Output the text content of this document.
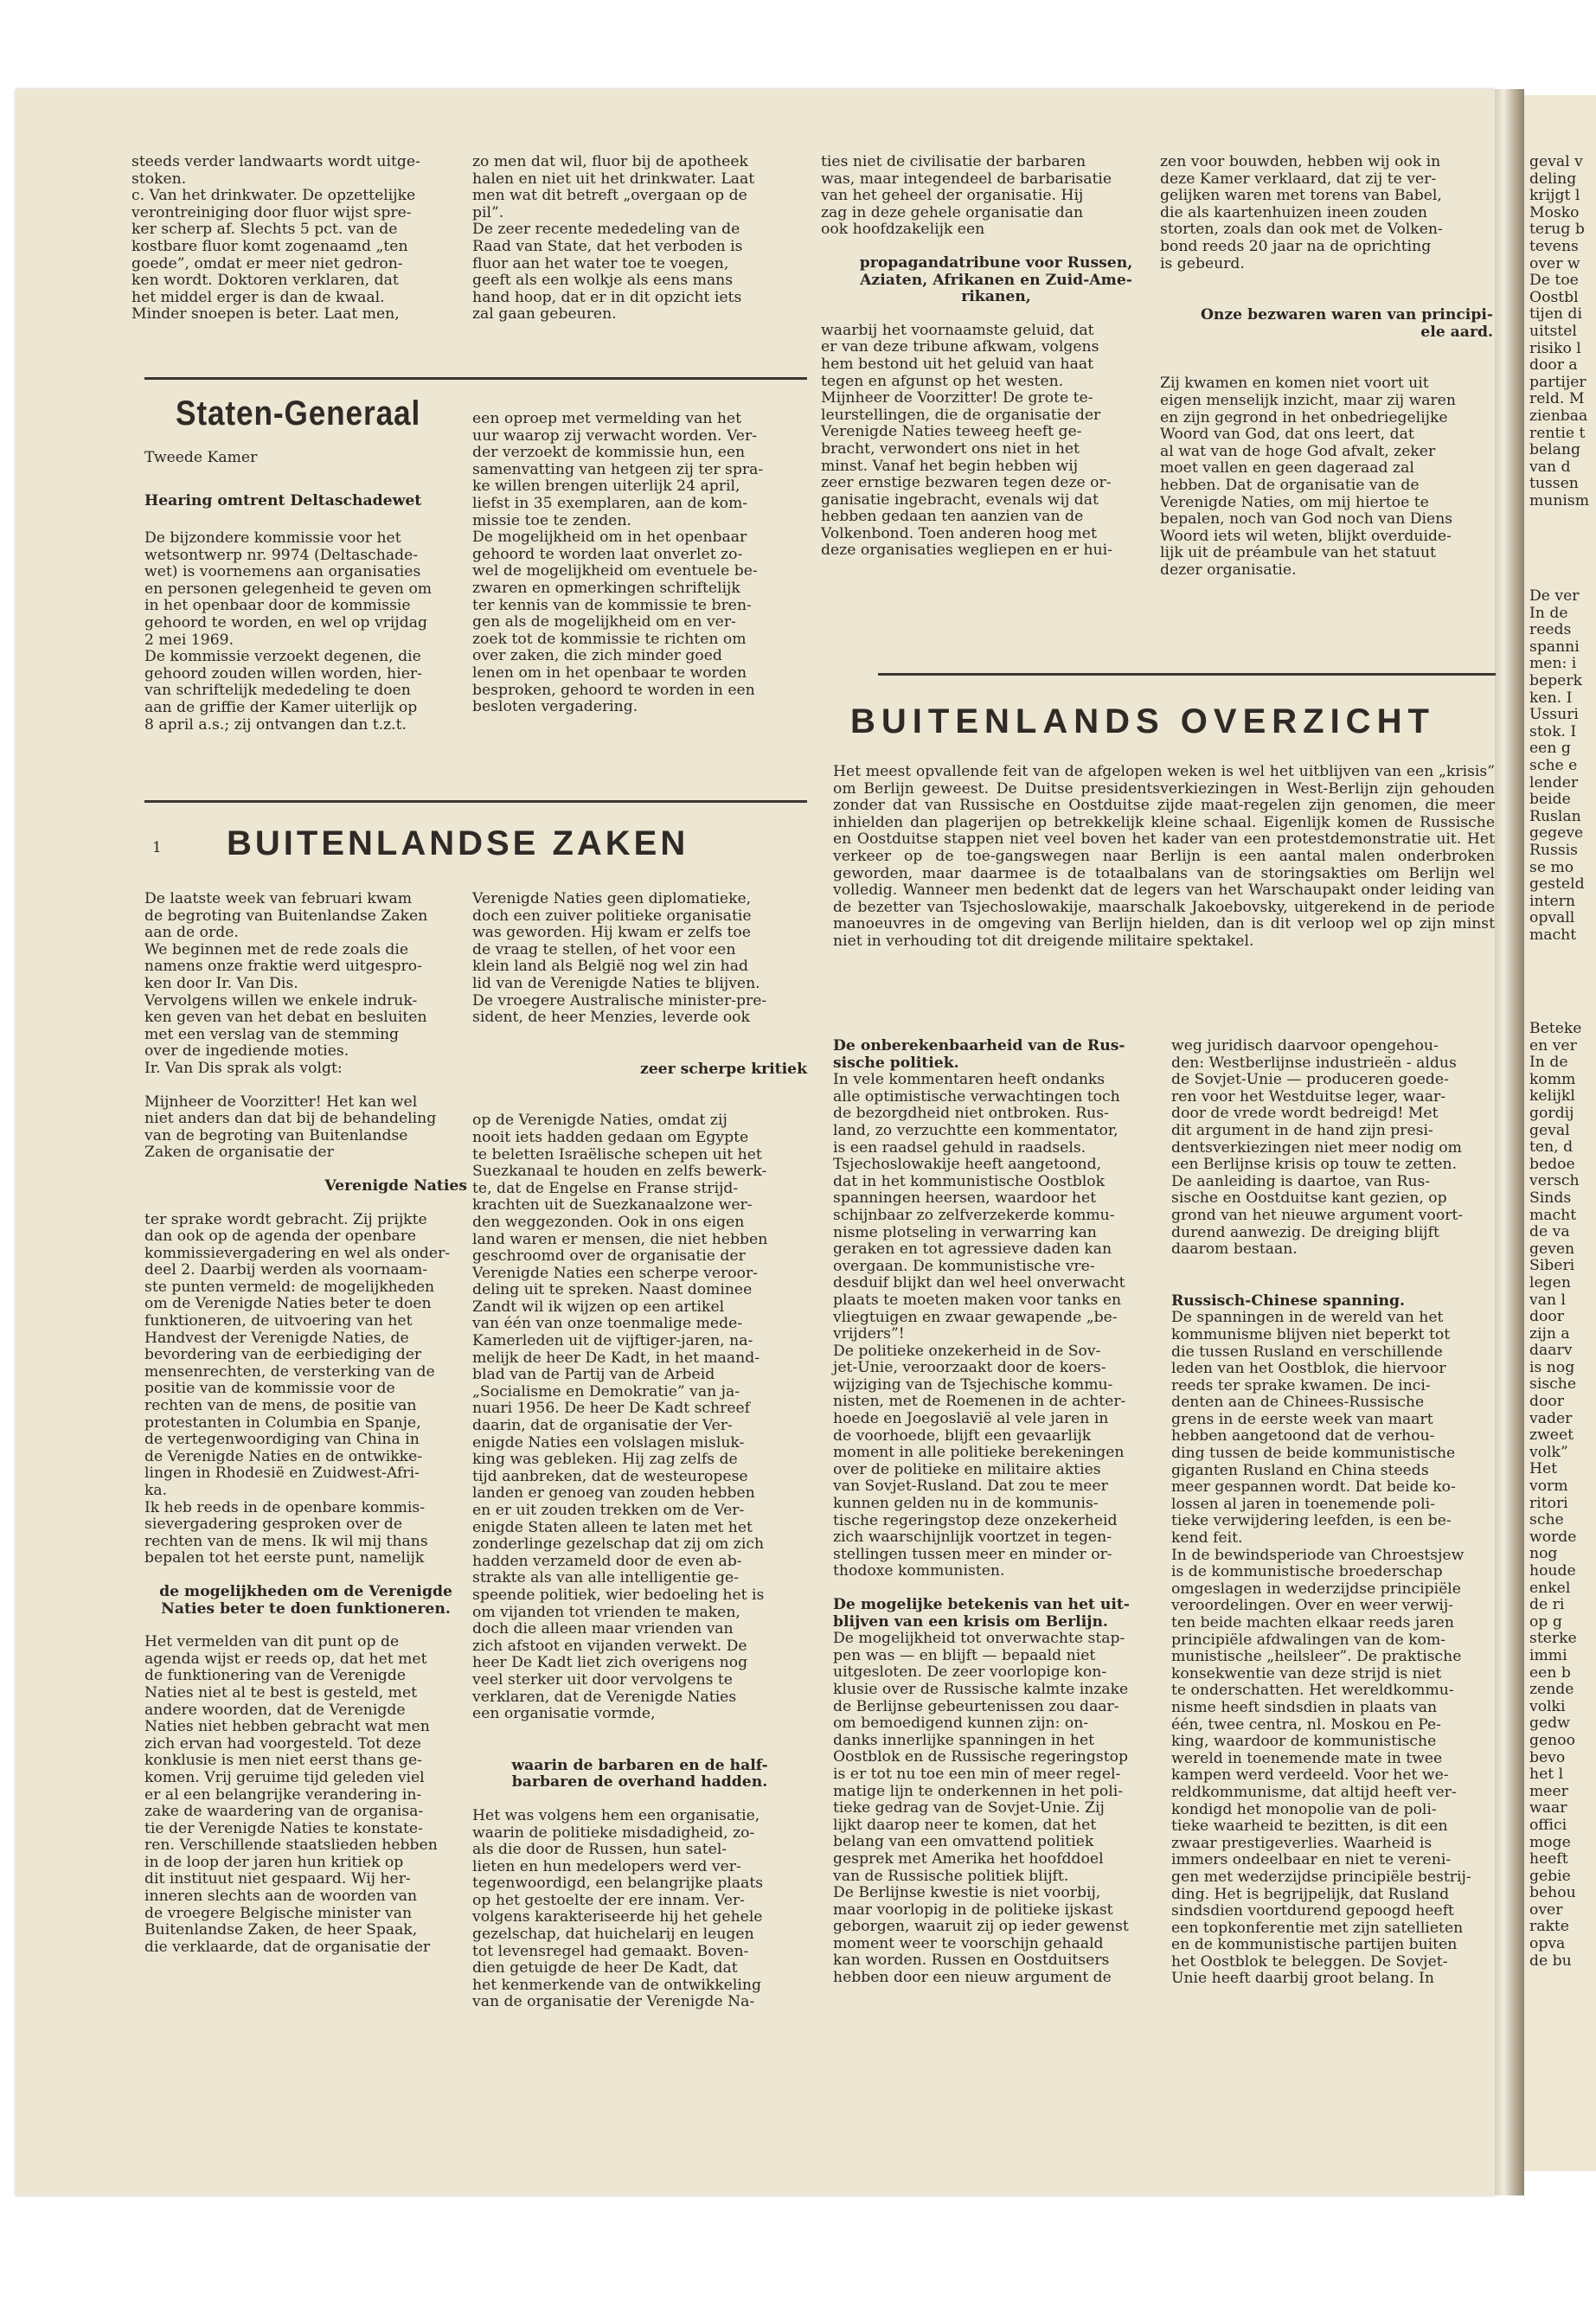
steeds verder landwaarts wordt uitge-
stoken.
c. Van het drinkwater. De opzettelijke
verontreiniging door fluor wijst spre-
ker scherp af. Slechts 5 pct. van de
kostbare fluor komt zogenaamd „ten
goede”, omdat er meer niet gedron-
ken wordt. Doktoren verklaren, dat
het middel erger is dan de kwaal.
Minder snoepen is beter. Laat men,
zo men dat wil, fluor bij de apotheek
halen en niet uit het drinkwater. Laat
men wat dit betreft „overgaan op de
pil”.
De zeer recente mededeling van de
Raad van State, dat het verboden is
fluor aan het water toe te voegen,
geeft als een wolkje als eens mans
hand hoop, dat er in dit opzicht iets
zal gaan gebeuren.

ties niet de civilisatie der barbaren
was, maar integendeel de barbarisatie
van het geheel der organisatie. Hij
zag in deze gehele organisatie dan
ook hoofdzakelijk een

propagandatribune voor Russen,
Aziaten, Afrikanen en Zuid-Ame-
rikanen,

waarbij het voornaamste geluid, dat
er van deze tribune afkwam, volgens
hem bestond uit het geluid van haat
tegen en afgunst op het westen.
Mijnheer de Voorzitter! De grote te-
leurstellingen, die de organisatie der
Verenigde Naties teweeg heeft ge-
bracht, verwondert ons niet in het
minst. Vanaf het begin hebben wij
zeer ernstige bezwaren tegen deze or-
ganisatie ingebracht, evenals wij dat
hebben gedaan ten aanzien van de
Volkenbond. Toen anderen hoog met
deze organisaties wegliepen en er hui-

zen voor bouwden, hebben wij ook in
deze Kamer verklaard, dat zij te ver-
gelijken waren met torens van Babel,
die als kaartenhuizen ineen zouden
storten, zoals dan ook met de Volken-
bond reeds 20 jaar na de oprichting
is gebeurd.

Onze bezwaren waren van principi-
ele aard.

Zij kwamen en komen niet voort uit
eigen menselijk inzicht, maar zij waren
en zijn gegrond in het onbedriegelijke
Woord van God, dat ons leert, dat
al wat van de hoge God afvalt, zeker
moet vallen en geen dageraad zal
hebben. Dat de organisatie van de
Verenigde Naties, om mij hiertoe te
bepalen, noch van God noch van Diens
Woord iets wil weten, blijkt overduide-
lijk uit de préambule van het statuut
dezer organisatie.

Staten-Generaal
Tweede Kamer
Hearing omtrent Deltaschadewet
De bijzondere kommissie voor het
wetsontwerp nr. 9974 (Deltaschade-
wet) is voornemens aan organisaties
en personen gelegenheid te geven om
in het openbaar door de kommissie
gehoord te worden, en wel op vrijdag
2 mei 1969.
De kommissie verzoekt degenen, die
gehoord zouden willen worden, hier-
van schriftelijk mededeling te doen
aan de griffie der Kamer uiterlijk op
8 april a.s.; zij ontvangen dan t.z.t.
een oproep met vermelding van het
uur waarop zij verwacht worden. Ver-
der verzoekt de kommissie hun, een
samenvatting van hetgeen zij ter spra-
ke willen brengen uiterlijk 24 april,
liefst in 35 exemplaren, aan de kom-
missie toe te zenden.
De mogelijkheid om in het openbaar
gehoord te worden laat onverlet zo-
wel de mogelijkheid om eventuele be-
zwaren en opmerkingen schriftelijk
ter kennis van de kommissie te bren-
gen als de mogelijkheid om en ver-
zoek tot de kommissie te richten om
over zaken, die zich minder goed
lenen om in het openbaar te worden
besproken, gehoord te worden in een
besloten vergadering.
1 BUITENLANDSE ZAKEN

De laatste week van februari kwam
de begroting van Buitenlandse Zaken
aan de orde.
We beginnen met de rede zoals die
namens onze fraktie werd uitgespro-
ken door Ir. Van Dis.
Vervolgens willen we enkele indruk-
ken geven van het debat en besluiten
met een verslag van de stemming
over de ingediende moties.
Ir. Van Dis sprak als volgt:

Mijnheer de Voorzitter! Het kan wel
niet anders dan dat bij de behandeling
van de begroting van Buitenlandse
Zaken de organisatie der

Verenigde Naties

ter sprake wordt gebracht. Zij prijkte
dan ook op de agenda der openbare
kommissievergadering en wel als onder-
deel 2. Daarbij werden als voornaam-
ste punten vermeld: de mogelijkheden
om de Verenigde Naties beter te doen
funktioneren, de uitvoering van het
Handvest der Verenigde Naties, de
bevordering van de eerbiediging der
mensenrechten, de versterking van de
positie van de kommissie voor de
rechten van de mens, de positie van
protestanten in Columbia en Spanje,
de vertegenwoordiging van China in
de Verenigde Naties en de ontwikke-
lingen in Rhodesië en Zuidwest-Afri-
ka.
Ik heb reeds in de openbare kommis-
sievergadering gesproken over de
rechten van de mens. Ik wil mij thans
bepalen tot het eerste punt, namelijk

de mogelijkheden om de Verenigde
Naties beter te doen funktioneren.

Het vermelden van dit punt op de
agenda wijst er reeds op, dat het met
de funktionering van de Verenigde
Naties niet al te best is gesteld, met
andere woorden, dat de Verenigde
Naties niet hebben gebracht wat men
zich ervan had voorgesteld. Tot deze
konklusie is men niet eerst thans ge-
komen. Vrij geruime tijd geleden viel
er al een belangrijke verandering in-
zake de waardering van de organisa-
tie der Verenigde Naties te konstate-
ren. Verschillende staatslieden hebben
in de loop der jaren hun kritiek op
dit instituut niet gespaard. Wij her-
inneren slechts aan de woorden van
de vroegere Belgische minister van
Buitenlandse Zaken, de heer Spaak,
die verklaarde, dat de organisatie der

Verenigde Naties geen diplomatieke,
doch een zuiver politieke organisatie
was geworden. Hij kwam er zelfs toe
de vraag te stellen, of het voor een
klein land als België nog wel zin had
lid van de Verenigde Naties te blijven.
De vroegere Australische minister-pre-
sident, de heer Menzies, leverde ook

zeer scherpe kritiek

op de Verenigde Naties, omdat zij
nooit iets hadden gedaan om Egypte
te beletten Israëlische schepen uit het
Suezkanaal te houden en zelfs bewerk-
te, dat de Engelse en Franse strijd-
krachten uit de Suezkanaalzone wer-
den weggezonden. Ook in ons eigen
land waren er mensen, die niet hebben
geschroomd over de organisatie der
Verenigde Naties een scherpe veroor-
deling uit te spreken. Naast dominee
Zandt wil ik wijzen op een artikel
van één van onze toenmalige mede-
Kamerleden uit de vijftiger-jaren, na-
melijk de heer De Kadt, in het maand-
blad van de Partij van de Arbeid
„Socialisme en Demokratie” van ja-
nuari 1956. De heer De Kadt schreef
daarin, dat de organisatie der Ver-
enigde Naties een volslagen misluk-
king was gebleken. Hij zag zelfs de
tijd aanbreken, dat de westeuropese
landen er genoeg van zouden hebben
en er uit zouden trekken om de Ver-
enigde Staten alleen te laten met het
zonderlinge gezelschap dat zij om zich
hadden verzameld door de even ab-
strakte als van alle intelligentie ge-
speende politiek, wier bedoeling het is
om vijanden tot vrienden te maken,
doch die alleen maar vrienden van
zich afstoot en vijanden verwekt. De
heer De Kadt liet zich overigens nog
veel sterker uit door vervolgens te
verklaren, dat de Verenigde Naties
een organisatie vormde,

waarin de barbaren en de half-
barbaren de overhand hadden.

Het was volgens hem een organisatie,
waarin de politieke misdadigheid, zo-
als die door de Russen, hun satel-
lieten en hun medelopers werd ver-
tegenwoordigd, een belangrijke plaats
op het gestoelte der ere innam. Ver-
volgens karakteriseerde hij het gehele
gezelschap, dat huichelarij en leugen
tot levensregel had gemaakt. Boven-
dien getuigde de heer De Kadt, dat
het kenmerkende van de ontwikkeling
van de organisatie der Verenigde Na-

BUITENLANDS OVERZICHT
Het meest opvallende feit van de afgelopen weken is wel het uitblijven van een „krisis” om Berlijn geweest. De Duitse presidentsverkiezingen in West-Berlijn zijn gehouden zonder dat van Russische en Oostduitse zijde maat-regelen zijn genomen, die meer inhielden dan plagerijen op betrekkelijk kleine schaal. Eigenlijk komen de Russische en Oostduitse stappen niet veel boven het kader van een protestdemonstratie uit. Het verkeer op de toe-gangswegen naar Berlijn is een aantal malen onderbroken geworden, maar daarmee is de totaalbalans van de storingsakties om Berlijn wel volledig. Wanneer men bedenkt dat de legers van het Warschaupakt onder leiding van de bezetter van Tsjechoslowakije, maarschalk Jakoebovsky, uitgerekend in de periode manoeuvres in de omgeving van Berlijn hielden, dan is dit verloop wel op zijn minst niet in verhouding tot dit dreigende militaire spektakel.

De onberekenbaarheid van de Rus-
sische politiek.

In vele kommentaren heeft ondanks
alle optimistische verwachtingen toch
de bezorgdheid niet ontbroken. Rus-
land, zo verzuchtte een kommentator,
is een raadsel gehuld in raadsels.
Tsjechoslowakije heeft aangetoond,
dat in het kommunistische Oostblok
spanningen heersen, waardoor het
schijnbaar zo zelfverzekerde kommu-
nisme plotseling in verwarring kan
geraken en tot agressieve daden kan
overgaan. De kommunistische vre-
desduif blijkt dan wel heel onverwacht
plaats te moeten maken voor tanks en
vliegtuigen en zwaar gewapende „be-
vrijders”!
De politieke onzekerheid in de Sov-
jet-Unie, veroorzaakt door de koers-
wijziging van de Tsjechische kommu-
nisten, met de Roemenen in de achter-
hoede en Joegoslavië al vele jaren in
de voorhoede, blijft een gevaarlijk
moment in alle politieke berekeningen
over de politieke en militaire akties
van Sovjet-Rusland. Dat zou te meer
kunnen gelden nu in de kommunis-
tische regeringstop deze onzekerheid
zich waarschijnlijk voortzet in tegen-
stellingen tussen meer en minder or-
thodoxe kommunisten.

De mogelijke betekenis van het uit-
blijven van een krisis om Berlijn.

De mogelijkheid tot onverwachte stap-
pen was — en blijft — bepaald niet
uitgesloten. De zeer voorlopige kon-
klusie over de Russische kalmte inzake
de Berlijnse gebeurtenissen zou daar-
om bemoedigend kunnen zijn: on-
danks innerlijke spanningen in het
Oostblok en de Russische regeringstop
is er tot nu toe een min of meer regel-
matige lijn te onderkennen in het poli-
tieke gedrag van de Sovjet-Unie. Zij
lijkt daarop neer te komen, dat het
belang van een omvattend politiek
gesprek met Amerika het hoofddoel
van de Russische politiek blijft.
De Berlijnse kwestie is niet voorbij,
maar voorlopig in de politieke ijskast
geborgen, waaruit zij op ieder gewenst
moment weer te voorschijn gehaald
kan worden. Russen en Oostduitsers
hebben door een nieuw argument de

weg juridisch daarvoor opengehou-
den: Westberlijnse industrieën - aldus
de Sovjet-Unie — produceren goede-
ren voor het Westduitse leger, waar-
door de vrede wordt bedreigd! Met
dit argument in de hand zijn presi-
dentsverkiezingen niet meer nodig om
een Berlijnse krisis op touw te zetten.
De aanleiding is daartoe, van Rus-
sische en Oostduitse kant gezien, op
grond van het nieuwe argument voort-
durend aanwezig. De dreiging blijft
daarom bestaan.

Russisch-Chinese spanning.

De spanningen in de wereld van het
kommunisme blijven niet beperkt tot
die tussen Rusland en verschillende
leden van het Oostblok, die hiervoor
reeds ter sprake kwamen. De inci-
denten aan de Chinees-Russische
grens in de eerste week van maart
hebben aangetoond dat de verhou-
ding tussen de beide kommunistische
giganten Rusland en China steeds
meer gespannen wordt. Dat beide ko-
lossen al jaren in toenemende poli-
tieke verwijdering leefden, is een be-
kend feit.
In de bewindsperiode van Chroestsjew
is de kommunistische broederschap
omgeslagen in wederzijdse principiële
veroordelingen. Over en weer verwij-
ten beide machten elkaar reeds jaren
principiële afdwalingen van de kom-
munistische „heilsleer”. De praktische
konsekwentie van deze strijd is niet
te onderschatten. Het wereldkommu-
nisme heeft sindsdien in plaats van
één, twee centra, nl. Moskou en Pe-
king, waardoor de kommunistische
wereld in toenemende mate in twee
kampen werd verdeeld. Voor het we-
reldkommunisme, dat altijd heeft ver-
kondigd het monopolie van de poli-
tieke waarheid te bezitten, is dit een
zwaar prestigeverlies. Waarheid is
immers ondeelbaar en niet te vereni-
gen met wederzijdse principiële bestrij-
ding. Het is begrijpelijk, dat Rusland
sindsdien voortdurend gepoogd heeft
een topkonferentie met zijn satellieten
en de kommunistische partijen buiten
het Oostblok te beleggen. De Sovjet-
Unie heeft daarbij groot belang. In

geval v
deling
krijgt l
Mosko
terug b
tevens
over w
De toe
Oostbl
tijen di
uitstel
risiko l
door a
partijer
reld. M
zienbaa
rentie t
belang
van d
tussen
munism
De ver
In de
reeds
spanni
men: i
beperk
ken. I
Ussuri
stok. I
een g
sche e
lender
beide
Ruslan
gegeve
Russis
se mo
gesteld
intern
opvall
macht
Beteke
en ver
In de
komm
kelijkl
gordij
geval
ten, d
bedoe
versch
Sinds
macht
de va
geven
Siberi
legen
van l
door
zijn a
daarv
is nog
sische
door
vader
zweet
volk”
Het
vorm
ritori
sche
worde
nog
houde
enkel
de ri
op g
sterke
immi
een b
zende
volki
gedw
genoo
bevo
het l
meer
waar
offici
moge
heeft
gebie
behou
over
rakte
opva
de bu
